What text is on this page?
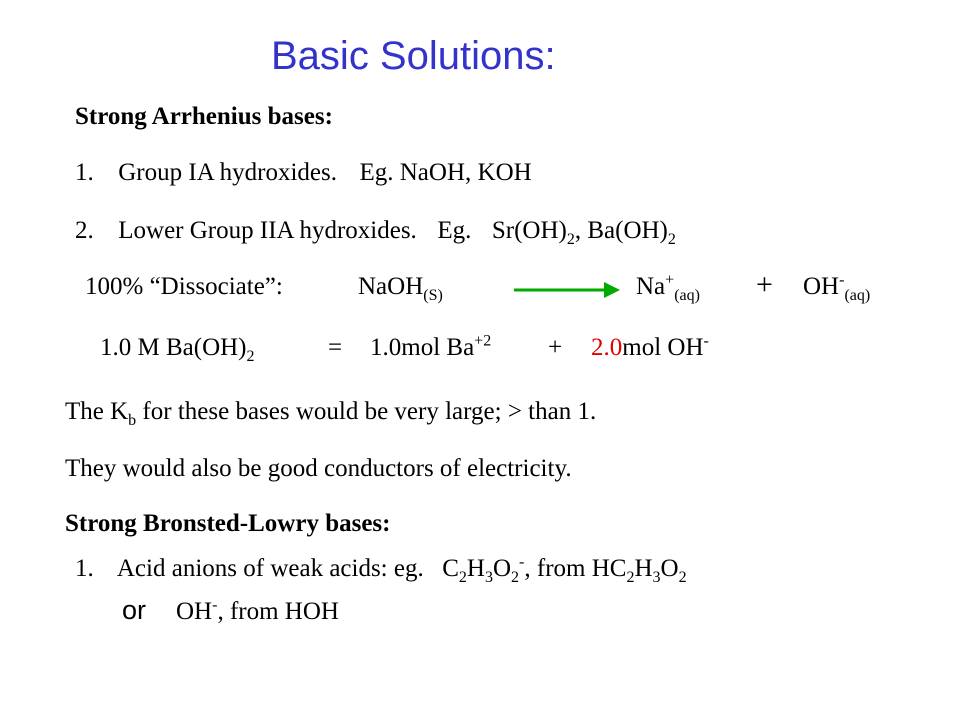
Basic Solutions:
Strong Arrhenius bases:
1. Group IA hydroxides. Eg. NaOH, KOH
2. Lower Group IIA hydroxides. Eg. $Sr(OH)_2$, $Ba(OH)_2$
100% “Dissociate”:	NaOH$_{(S)}$	$Na^+_{(aq)} + OH^-_{(aq)}$
1.0 M $Ba(OH)_2$	= 1.0mol $Ba^{+2} + 2.0mol$ OH-
The $K_b$ for these bases would be very large; > than 1.
They would also be good conductors of electricity.
Strong Bronsted-Lowry bases:
1. Acid anions of weak acids: eg. $C_2H_3O_2^-$, from $HC_2H_3O_2$
or OH-, from HOH
